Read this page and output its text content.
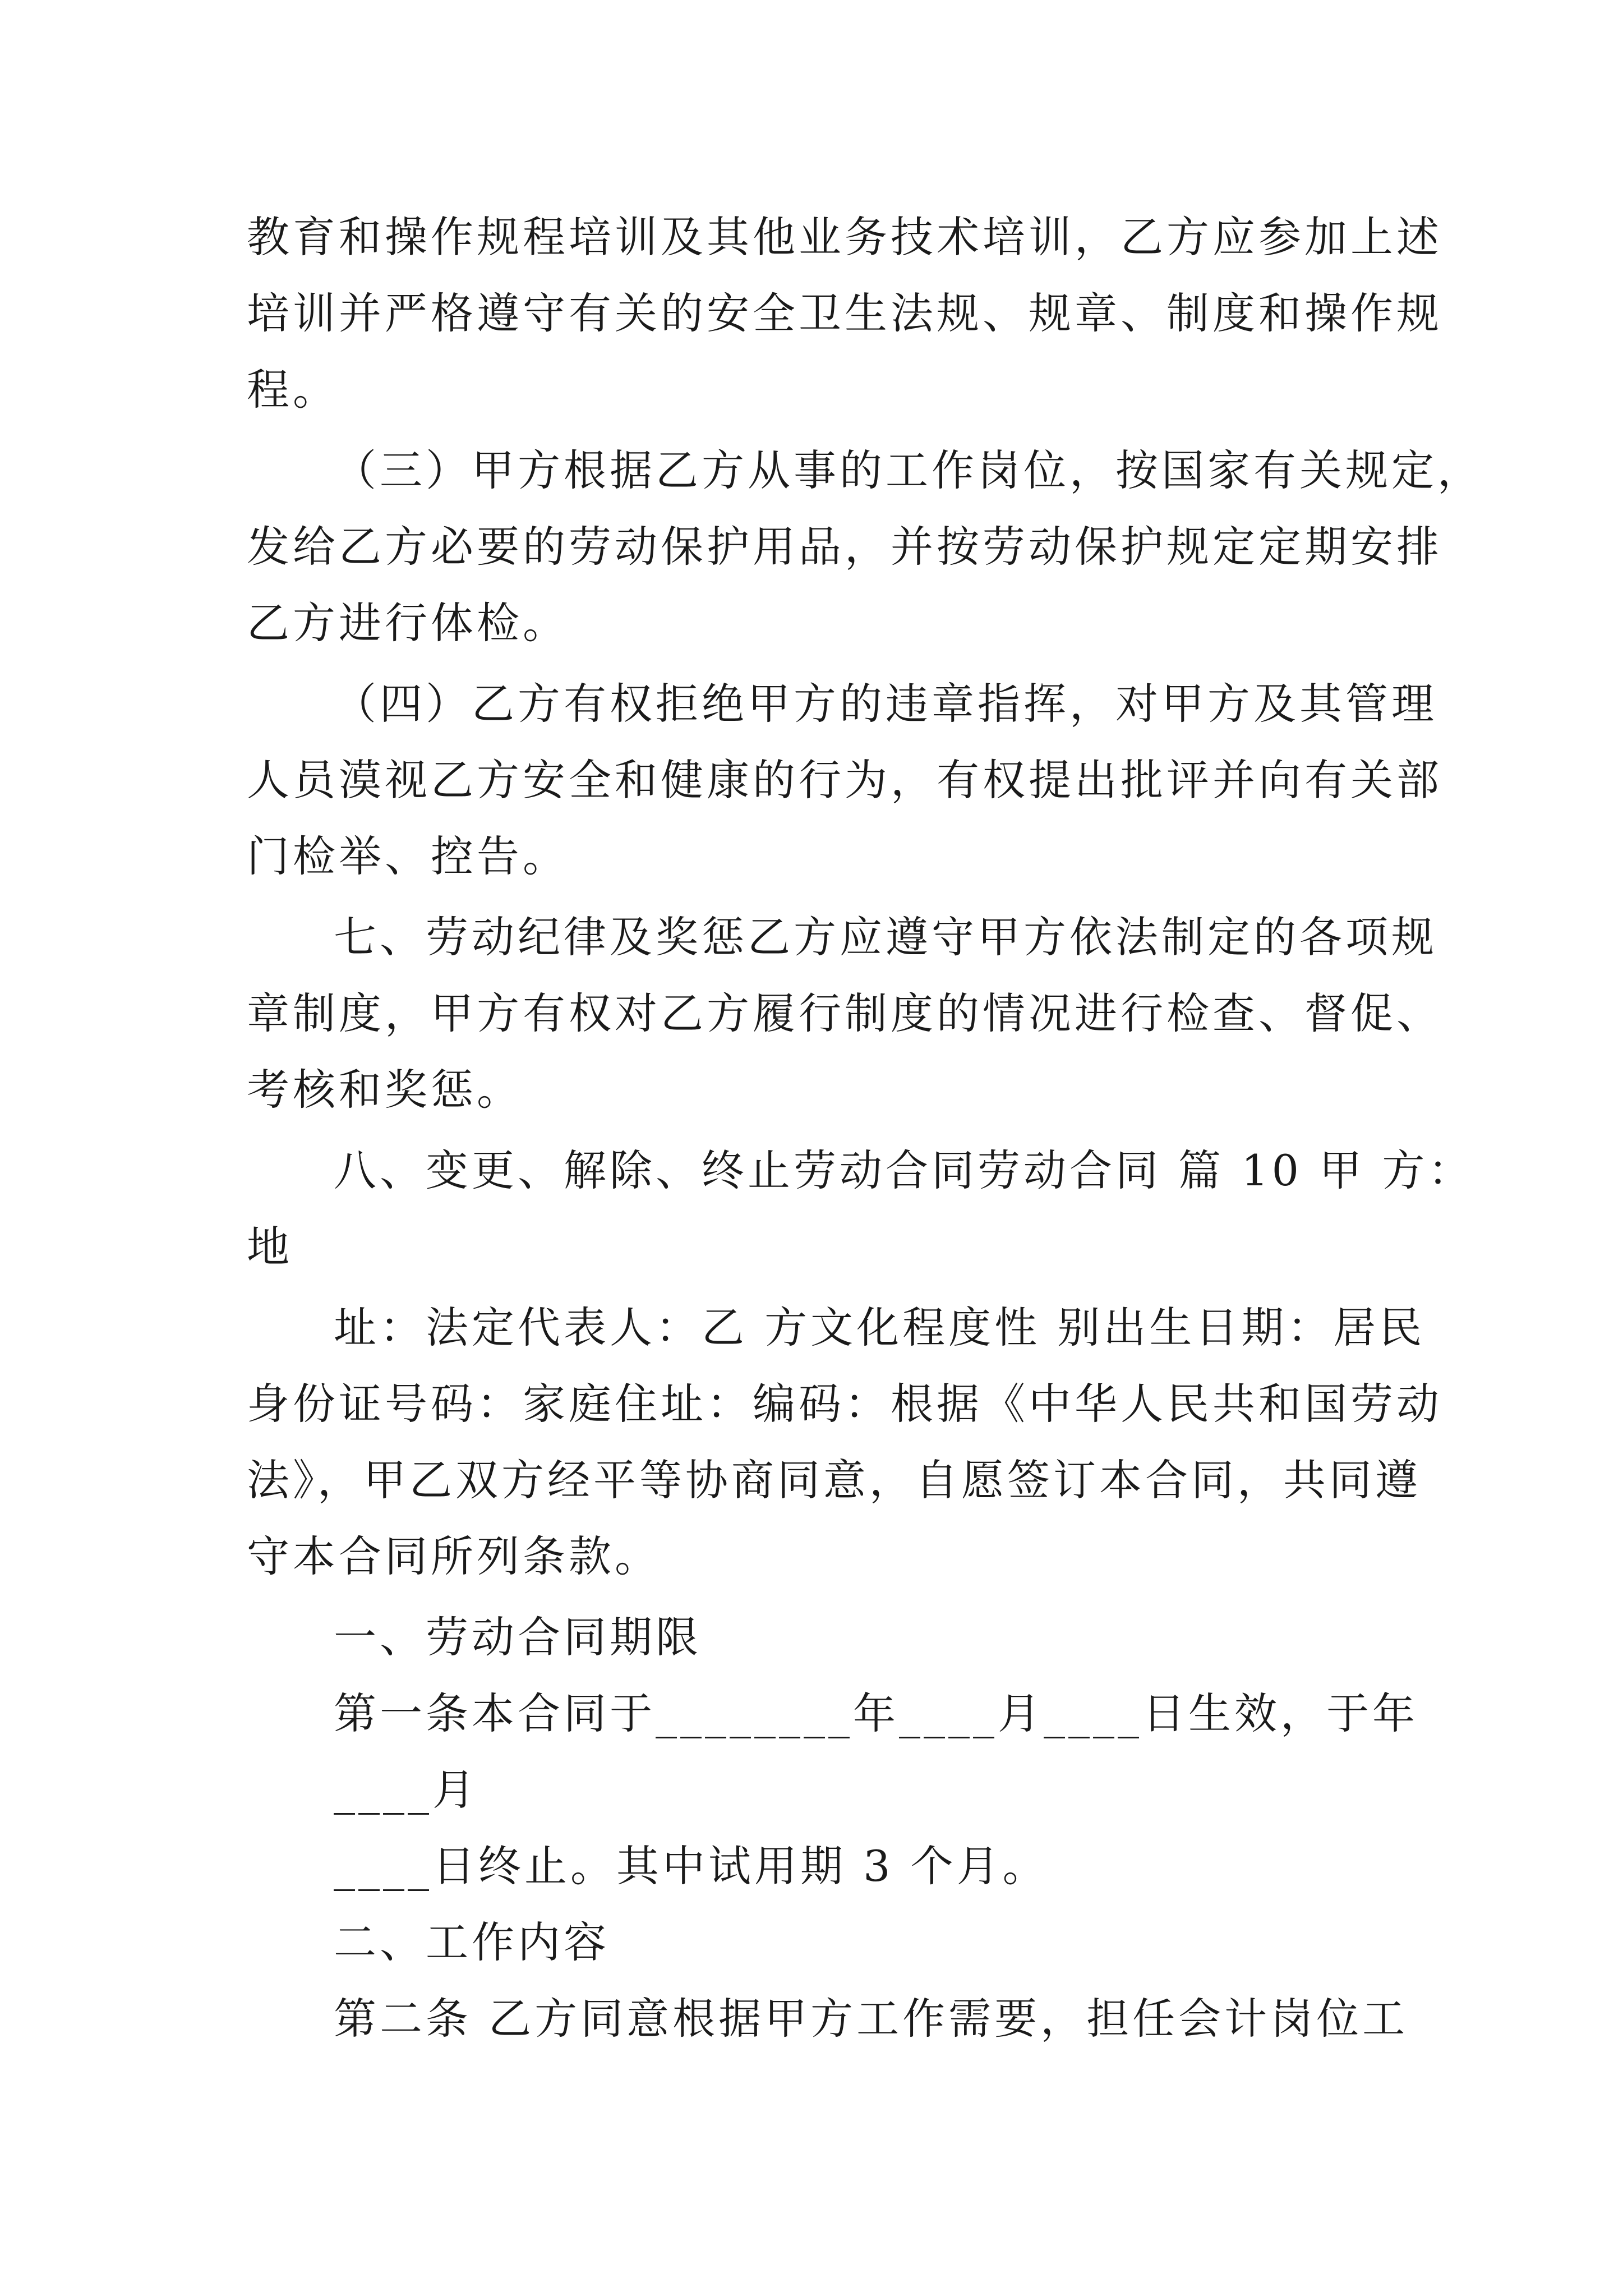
教育和操作规程培训及其他业务技术培训，乙方应参加上述
培训并严格遵守有关的安全卫生法规、规章、制度和操作规
程。
（三）甲方根据乙方从事的工作岗位，按国家有关规定，
发给乙方必要的劳动保护用品，并按劳动保护规定定期安排
乙方进行体检。
（四）乙方有权拒绝甲方的违章指挥，对甲方及其管理
人员漠视乙方安全和健康的行为，有权提出批评并向有关部
门检举、控告。
七、劳动纪律及奖惩乙方应遵守甲方依法制定的各项规
章制度，甲方有权对乙方履行制度的情况进行检查、督促、
考核和奖惩。
八、变更、解除、终止劳动合同劳动合同 篇 10 甲 方：
地
址：法定代表人：乙 方文化程度性 别出生日期：居民
身份证号码：家庭住址：编码：根据《中华人民共和国劳动
法》，甲乙双方经平等协商同意，自愿签订本合同，共同遵
守本合同所列条款。
一、劳动合同期限
第一条本合同于________年____月____日生效，于年
____月
____日终止。其中试用期 3 个月。
二、工作内容
第二条 乙方同意根据甲方工作需要，担任会计岗位工
